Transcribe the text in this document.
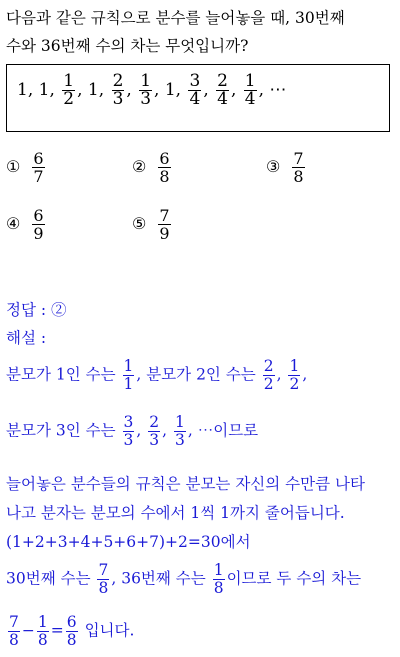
다음과 같은 규칙으로 분수를 늘어놓을 때, 30번째
수와 36번째 수의 차는 무엇입니까?
1, 1, $\frac{1}{2}$ , 1, $\frac{2}{3}$ , $\frac{1}{3}$ , 1, $\frac{3}{4}$ , $\frac{2}{4}$ , $\frac{1}{4}$ , ⋯
① $\frac{6}{7}$	② $\frac{6}{8}$	③ $\frac{7}{8}$
④ $\frac{6}{9}$	⑤ $\frac{7}{9}$
정답 : ②
해설 :
분모가 1인 수는 $\frac{1}{1}$ , 분모가 2인 수는 $\frac{2}{2}$ , $\frac{1}{2}$ ,
분모가 3인 수는 $\frac{3}{3}$ , $\frac{2}{3}$ , $\frac{1}{3}$ , ⋯이므로
늘어놓은 분수들의 규칙은 분모는 자신의 수만큼 나타
나고 분자는 분모의 수에서 1씩 1까지 줄어듭니다.
(1+2+3+4+5+6+7)+2=30에서
30번째 수는 $\frac{7}{8}$ , 36번째 수는 $\frac{1}{8}$ 이므로 두 수의 차는
$\frac{7}{8} - \frac{1}{8} = \frac{6}{8}$ 입니다.
